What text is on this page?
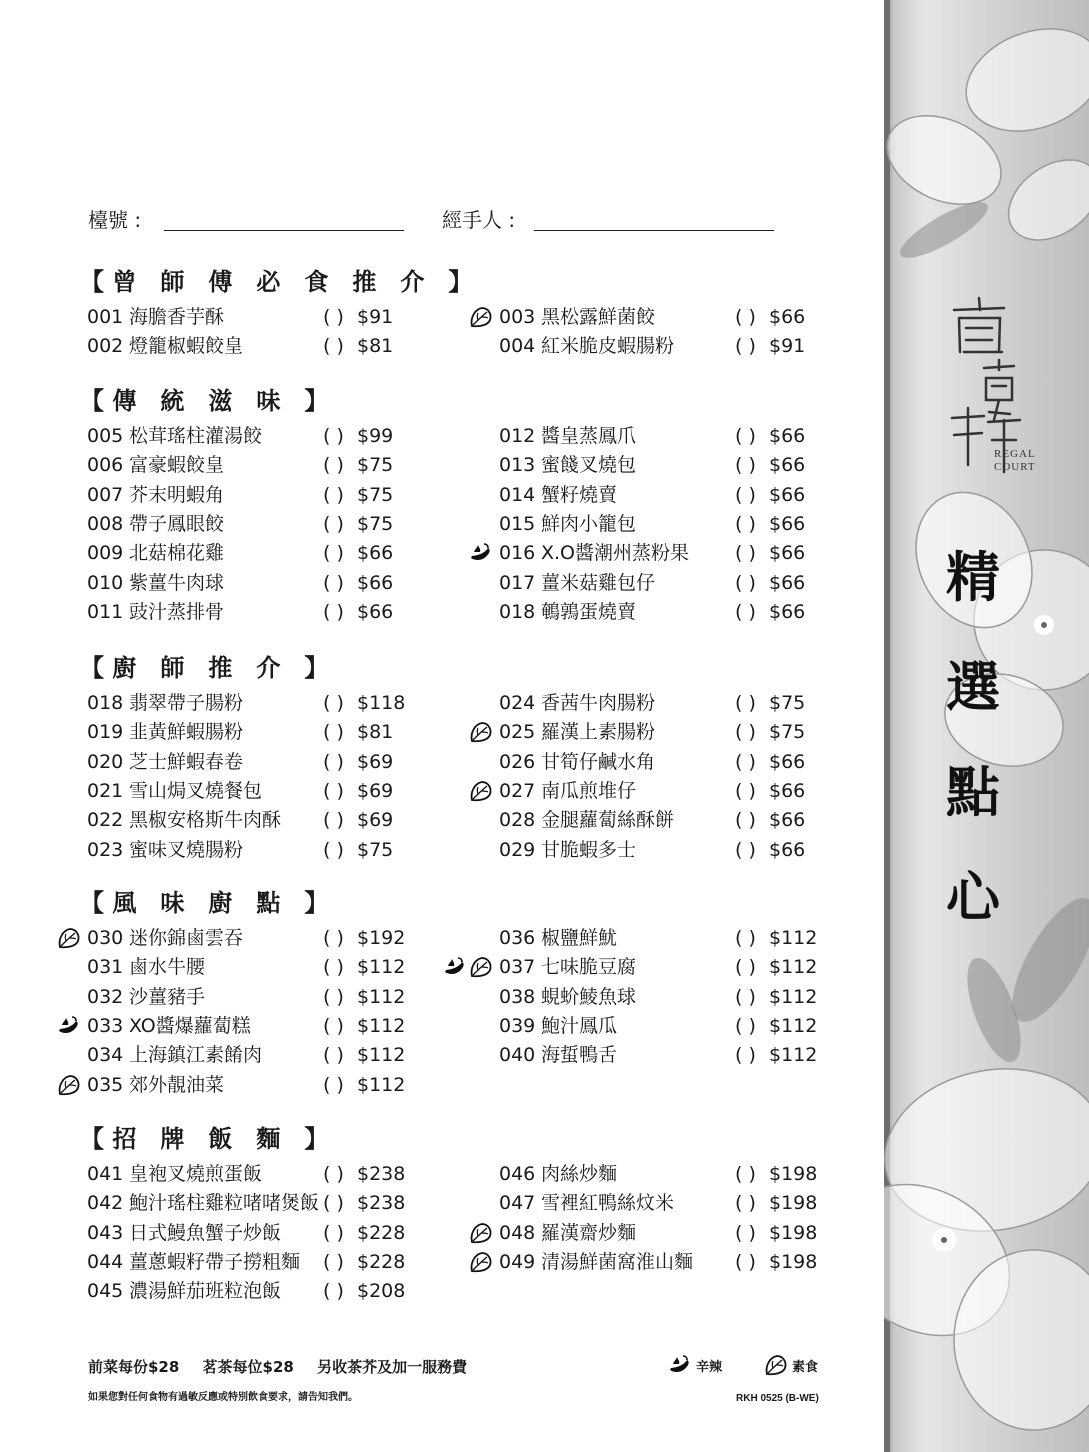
檯號 :	經手人 :
【 曾 師 傅 必 食 推 介 】
001 海膽香芋酥	( ) $91
002 燈籠椒蝦餃皇	( ) $81
003 黑松露鮮菌餃	( ) $66
004 紅米脆皮蝦腸粉	( ) $91
【 傳 統 滋 味 】
005 松茸瑤柱灌湯餃	( ) $99
006 富豪蝦餃皇	( ) $75
007 芥末明蝦角	( ) $75
008 帶子鳳眼餃	( ) $75
009 北菇棉花雞	( ) $66
010 紫薑牛肉球	( ) $66
011 豉汁蒸排骨	( ) $66
012 醬皇蒸鳳爪	( ) $66
013 蜜餞叉燒包	( ) $66
014 蟹籽燒賣	( ) $66
015 鮮肉小籠包	( ) $66
016 X.O醬潮州蒸粉果 ( ) $66
017 薑米菇雞包仔	( ) $66
018 鵪鶉蛋燒賣	( ) $66
【 廚 師 推 介 】
018 翡翠帶子腸粉	( ) $118
019 韭黃鮮蝦腸粉	( ) $81
020 芝士鮮蝦春卷	( ) $69
021 雪山焗叉燒餐包	( ) $69
022 黑椒安格斯牛肉酥 ( ) $69
023 蜜味叉燒腸粉	( ) $75
024 香茜牛肉腸粉	( ) $75
025 羅漢上素腸粉	( ) $75
026 甘筍仔鹹水角	( ) $66
027 南瓜煎堆仔	( ) $66
028 金腿蘿蔔絲酥餅	( ) $66
029 甘脆蝦多士	( ) $66
【 風 味 廚 點 】
030 迷你錦鹵雲吞	( ) $192
031 鹵水牛腰	( ) $112
032 沙薑豬手	( ) $112
033 XO醬爆蘿蔔糕	( ) $112
034 上海鎮江素餚肉	( ) $112
035 郊外靚油菜	( ) $112
036 椒鹽鮮魷	( ) $112
037 七味脆豆腐	( ) $112
038 蜆蚧鯪魚球	( ) $112
039 鮑汁鳳瓜	( ) $112
040 海蜇鴨舌	( ) $112
【 招 牌 飯 麵 】
041 皇袍叉燒煎蛋飯	( ) $238
042 鮑汁瑤柱雞粒啫啫煲飯 ( ) $238
043 日式鰻魚蟹子炒飯 ( ) $228
044 薑蔥蝦籽帶子撈粗麵 ( ) $228
045 濃湯鮮茄班粒泡飯 ( ) $208
046 肉絲炒麵	( ) $198
047 雪裡紅鴨絲炆米	( ) $198
048 羅漢齋炒麵	( ) $198
049 清湯鮮菌窩淮山麵 ( ) $198
前菜每份$28 茗茶每位$28 另收茶芥及加一服務費
如果您對任何食物有過敏反應或特別飲食要求，請告知我們。
辛辣	素食
RKH 0525 (B-WE)
REGAL
COURT
精
選
點
心
